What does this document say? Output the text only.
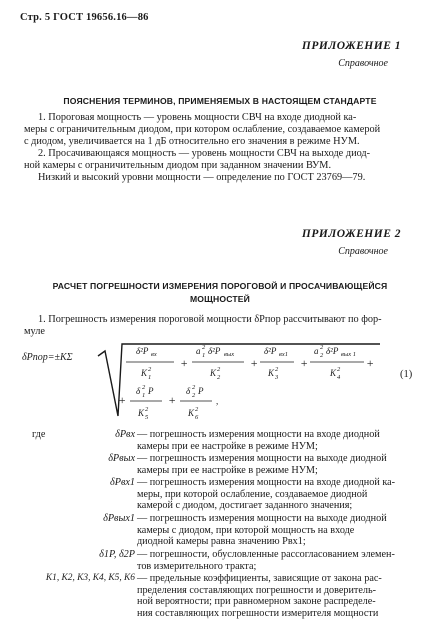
Стр. 5 ГОСТ 19656.16—86
ПРИЛОЖЕНИЕ 1
Справочное
ПОЯСНЕНИЯ ТЕРМИНОВ, ПРИМЕНЯЕМЫХ В НАСТОЯЩЕМ СТАНДАРТЕ
1. Пороговая мощность — уровень мощности СВЧ на входе диодной ка-
меры с ограничительным диодом, при котором ослабление, создаваемое камерой
с диодом, увеличивается на 1 дБ относительно его значения в режиме НУМ.
2. Просачивающаяся мощность — уровень мощности СВЧ на выходе диод-
ной камеры с ограничительным диодом при заданном значении ВУМ.
Низкий и высокий уровни мощности — определение по ГОСТ 23769—79.
ПРИЛОЖЕНИЕ 2
Справочное
РАСЧЕТ ПОГРЕШНОСТИ ИЗМЕРЕНИЯ ПОРОГОВОЙ И ПРОСАЧИВАЮЩЕЙСЯ
МОЩНОСТЕЙ
1. Погрешность измерения пороговой мощности δPпор рассчитывают по фор-
муле
δPпор=±KΣ
δ²P вх
K 1
2 +
a 1
2 δ²P вых
K 2
2 +
δ²P вх1
K 3
2 +
a 2
2 δ²P вых 1
K 4
2 +
+
δ 1
2 P
K 5
2
+
δ 2
2 P
K 6
2
,
(1)
где	δPвх — погрешность измерения мощности на входе диодной
камеры при ее настройке в режиме НУМ;
δPвых — погрешность измерения мощности на выходе диодной
камеры при ее настройке в режиме НУМ;
δPвх1 — погрешность измерения мощности на входе диодной ка-
меры, при которой ослабление, создаваемое диодной
камерой с диодом, достигает заданного значения;
δPвых1 — погрешность измерения мощности на выходе диодной
камеры с диодом, при которой мощность на входе
диодной камеры равна значению Pвх1;
δ1P, δ2P — погрешности, обусловленные рассогласованием элемен-
тов измерительного тракта;
K1, K2, K3, K4, K5, K6 — предельные коэффициенты, зависящие от закона рас-
пределения составляющих погрешности и доверитель-
ной вероятности; при равномерном законе распределе-
ния составляющих погрешности измерителя мощности
